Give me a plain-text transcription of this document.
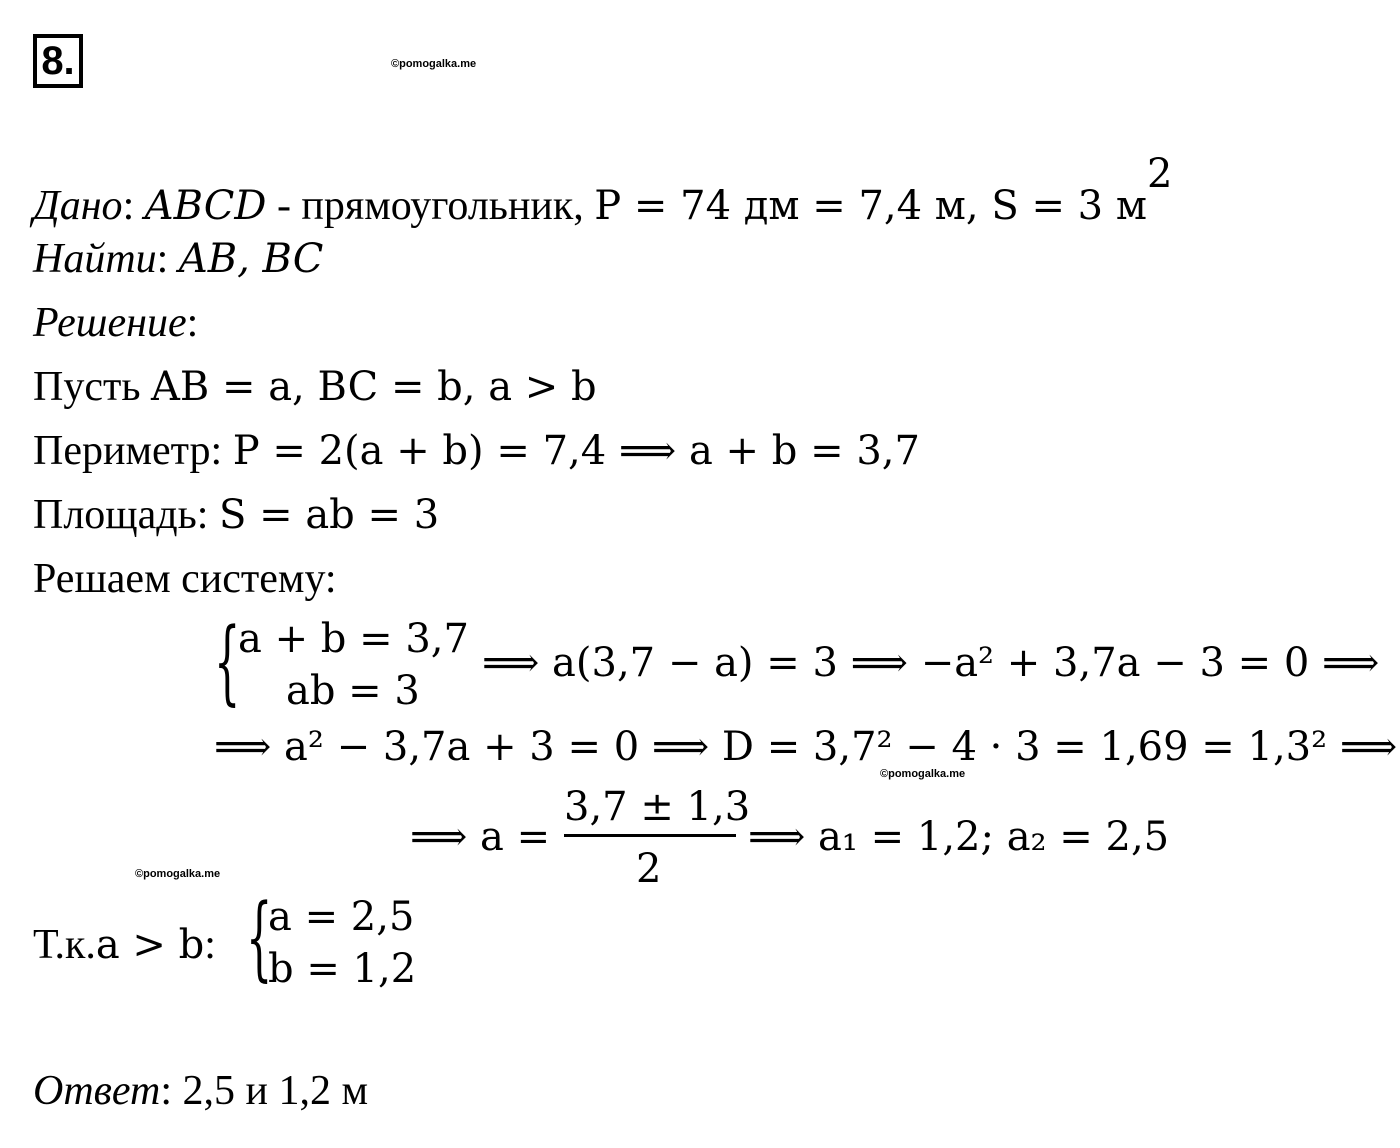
8.	©pomogalka.me
©pomogalka.me
©pomogalka.me
Дано: ABCD - прямоугольник, P = 74 дм = 7,4 м, S = 3 $м^2$
Найти: AB, BC
Решение:
Пусть AB = a, BC = b, a > b
Периметр: P = 2(a + b) = 7,4 ⟹ a + b = 3,7
Площадь: S = ab = 3
Решаем систему:
{
a + b = 3,7
ab = 3
⟹ a(3,7 − a) = 3 ⟹ −a² + 3,7a − 3 = 0 ⟹
⟹ a² − 3,7a + 3 = 0 ⟹ D = 3,7² − 4 · 3 = 1,69 = 1,3² ⟹
⟹ a =
3,7 ± 1,3
2
⟹ a₁ = 1,2; a₂ = 2,5
Т.к.a > b: {
a = 2,5
b = 1,2
Ответ: 2,5 и 1,2 м
